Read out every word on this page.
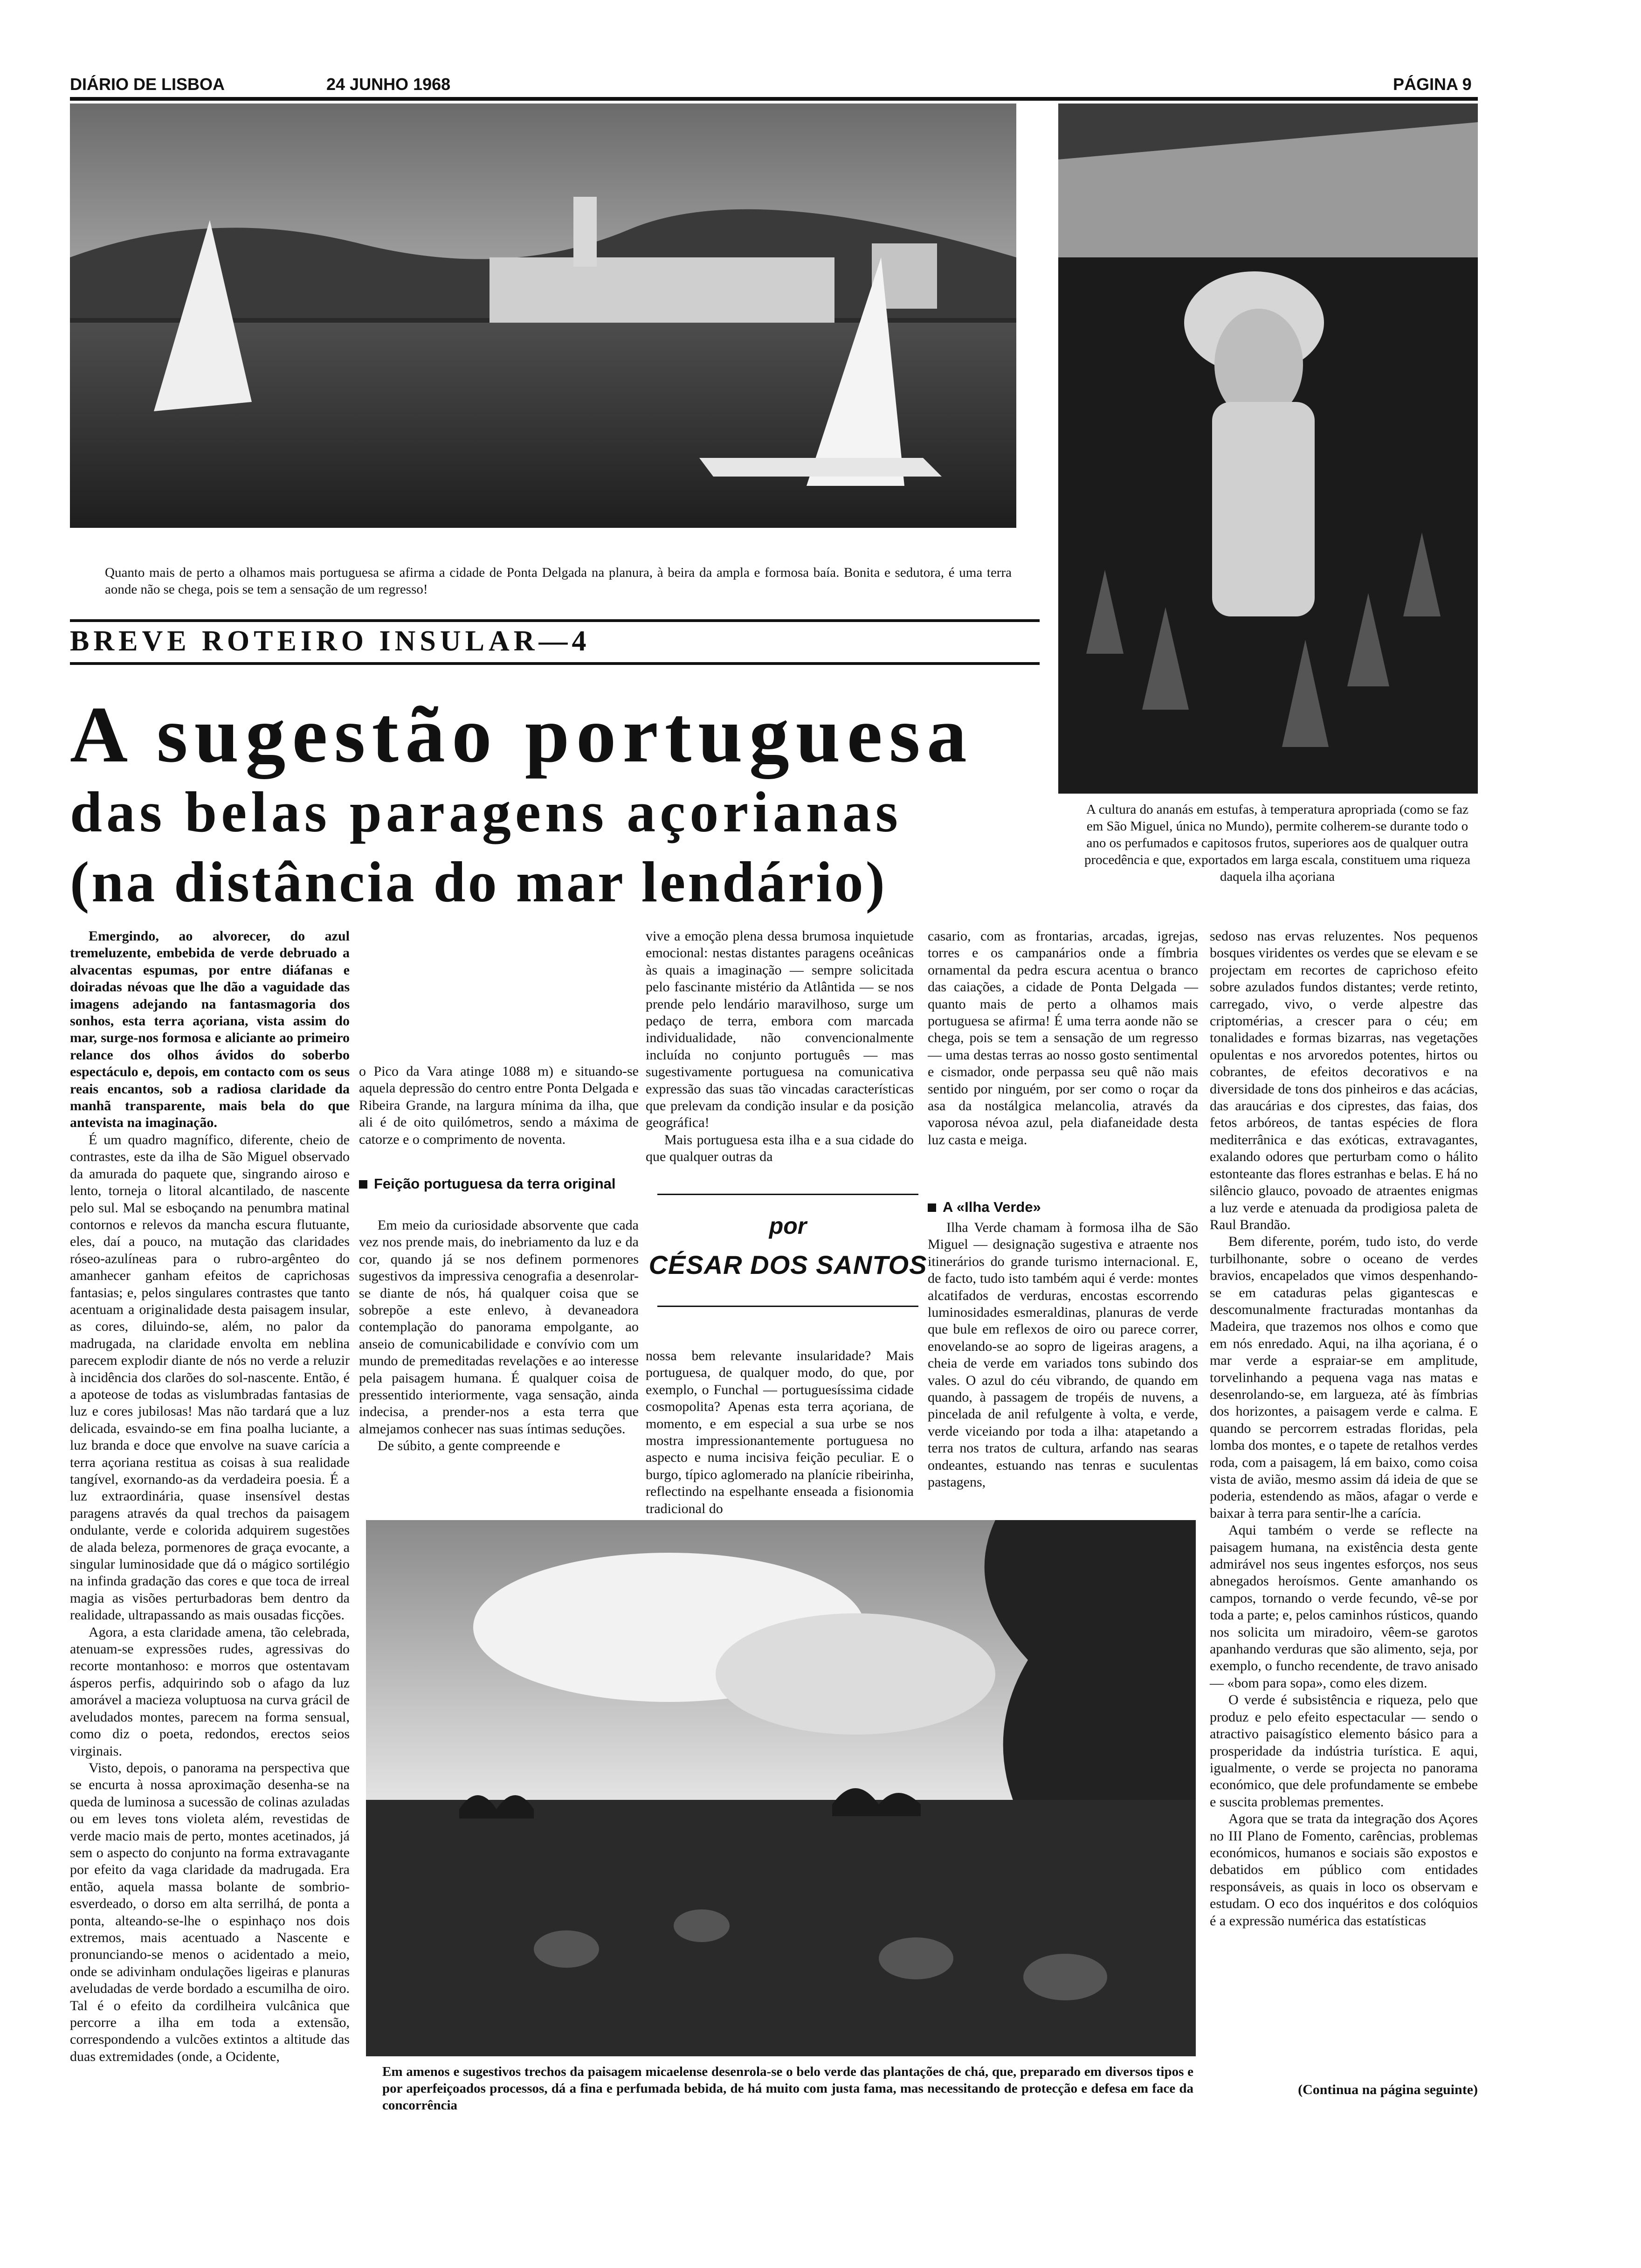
DIÁRIO DE LISBOA	24 JUNHO 1968	PÁGINA 9
Quanto mais de perto a olhamos mais portuguesa se afirma a cidade de Ponta Delgada na planura, à beira da ampla e formosa baía. Bonita e sedutora, é uma terra aonde não se chega, pois se tem a sensação de um regresso!
A cultura do ananás em estufas, à temperatura apropriada (como se faz em São Miguel, única no Mundo), permite colherem-se durante todo o ano os perfumados e capitosos frutos, superiores aos de qualquer outra procedência e que, exportados em larga escala, constituem uma riqueza daquela ilha açoriana
BREVE ROTEIRO INSULAR—4
A sugestão portuguesa
das belas paragens açorianas
(na distância do mar lendário)

Emergindo, ao alvorecer, do azul tremeluzente, embebida de verde debruado a alvacentas espumas, por entre diáfanas e doiradas névoas que lhe dão a vaguidade das imagens adejando na fantasmagoria dos sonhos, esta terra açoriana, vista assim do mar, surge-nos formosa e aliciante ao primeiro relance dos olhos ávidos do soberbo espectáculo e, depois, em contacto com os seus reais encantos, sob a radiosa claridade da manhã transparente, mais bela do que antevista na imaginação.

É um quadro magnífico, diferente, cheio de contrastes, este da ilha de São Miguel observado da amurada do paquete que, singrando airoso e lento, torneja o litoral alcantilado, de nascente pelo sul. Mal se esboçando na penumbra matinal contornos e relevos da mancha escura flutuante, eles, daí a pouco, na mutação das claridades róseo-azulíneas para o rubro-argênteo do amanhecer ganham efeitos de caprichosas fantasias; e, pelos singulares contrastes que tanto acentuam a originalidade desta paisagem insular, as cores, diluindo-se, além, no palor da madrugada, na claridade envolta em neblina parecem explodir diante de nós no verde a reluzir à incidência dos clarões do sol-nascente. Então, é a apoteose de todas as vislumbradas fantasias de luz e cores jubilosas! Mas não tardará que a luz delicada, esvaindo-se em fina poalha luciante, a luz branda e doce que envolve na suave carícia a terra açoriana restitua as coisas à sua realidade tangível, exornando-as da verdadeira poesia. É a luz extraordinária, quase insensível destas paragens através da qual trechos da paisagem ondulante, verde e colorida adquirem sugestões de alada beleza, pormenores de graça evocante, a singular luminosidade que dá o mágico sortilégio na infinda gradação das cores e que toca de irreal magia as visões perturbadoras bem dentro da realidade, ultrapassando as mais ousadas ficções.

Agora, a esta claridade amena, tão celebrada, atenuam-se expressões rudes, agressivas do recorte montanhoso: e morros que ostentavam ásperos perfis, adquirindo sob o afago da luz amorável a macieza voluptuosa na curva grácil de aveludados montes, parecem na forma sensual, como diz o poeta, redondos, erectos seios virginais.

Visto, depois, o panorama na perspectiva que se encurta à nossa aproximação desenha-se na queda de luminosa a sucessão de colinas azuladas ou em leves tons violeta além, revestidas de verde macio mais de perto, montes acetinados, já sem o aspecto do conjunto na forma extravagante por efeito da vaga claridade da madrugada. Era então, aquela massa bolante de sombrio-esverdeado, o dorso em alta serrilhá, de ponta a ponta, alteando-se-lhe o espinhaço nos dois extremos, mais acentuado a Nascente e pronunciando-se menos o acidentado a meio, onde se adivinham ondulações ligeiras e planuras aveludadas de verde bordado a escumilha de oiro. Tal é o efeito da cordilheira vulcânica que percorre a ilha em toda a extensão, correspondendo a vulcões extintos a altitude das duas extremidades (onde, a Ocidente,

o Pico da Vara atinge 1088 m) e situando-se aquela depressão do centro entre Ponta Delgada e Ribeira Grande, na largura mínima da ilha, que ali é de oito quilómetros, sendo a máxima de catorze e o comprimento de noventa.

Feição portuguesa da terra original

Em meio da curiosidade absorvente que cada vez nos prende mais, do inebriamento da luz e da cor, quando já se nos definem pormenores sugestivos da impressiva cenografia a desenrolar-se diante de nós, há qualquer coisa que se sobrepõe a este enlevo, à devaneadora contemplação do panorama empolgante, ao anseio de comunicabilidade e convívio com um mundo de premeditadas revelações e ao interesse pela paisagem humana. É qualquer coisa de pressentido interiormente, vaga sensação, ainda indecisa, a prender-nos a esta terra que almejamos conhecer nas suas íntimas seduções.

De súbito, a gente compreende e

vive a emoção plena dessa brumosa inquietude emocional: nestas distantes paragens oceânicas às quais a imaginação — sempre solicitada pelo fascinante mistério da Atlântida — se nos prende pelo lendário maravilhoso, surge um pedaço de terra, embora com marcada individualidade, não convencionalmente incluída no conjunto português — mas sugestivamente portuguesa na comunicativa expressão das suas tão vincadas características que prelevam da condição insular e da posição geográfica!

Mais portuguesa esta ilha e a sua cidade do que qualquer outras da

por
CÉSAR DOS SANTOS

nossa bem relevante insularidade? Mais portuguesa, de qualquer modo, do que, por exemplo, o Funchal — portuguesíssima cidade cosmopolita? Apenas esta terra açoriana, de momento, e em especial a sua urbe se nos mostra impressionantemente portuguesa no aspecto e numa incisiva feição peculiar. E o burgo, típico aglomerado na planície ribeirinha, reflectindo na espelhante enseada a fisionomia tradicional do

casario, com as frontarias, arcadas, igrejas, torres e os campanários onde a fímbria ornamental da pedra escura acentua o branco das caiações, a cidade de Ponta Delgada — quanto mais de perto a olhamos mais portuguesa se afirma! É uma terra aonde não se chega, pois se tem a sensação de um regresso — uma destas terras ao nosso gosto sentimental e cismador, onde perpassa seu quê não mais sentido por ninguém, por ser como o roçar da asa da nostálgica melancolia, através da vaporosa névoa azul, pela diafaneidade desta luz casta e meiga.

A «Ilha Verde»

Ilha Verde chamam à formosa ilha de São Miguel — designação sugestiva e atraente nos itinerários do grande turismo internacional. E, de facto, tudo isto também aqui é verde: montes alcatifados de verduras, encostas escorrendo luminosidades esmeraldinas, planuras de verde que bule em reflexos de oiro ou parece correr, enovelando-se ao sopro de ligeiras aragens, a cheia de verde em variados tons subindo dos vales. O azul do céu vibrando, de quando em quando, à passagem de tropéis de nuvens, a pincelada de anil refulgente à volta, e verde, verde viceiando por toda a ilha: atapetando a terra nos tratos de cultura, arfando nas searas ondeantes, estuando nas tenras e suculentas pastagens,

sedoso nas ervas reluzentes. Nos pequenos bosques viridentes os verdes que se elevam e se projectam em recortes de caprichoso efeito sobre azulados fundos distantes; verde retinto, carregado, vivo, o verde alpestre das criptomérias, a crescer para o céu; em tonalidades e formas bizarras, nas vegetações opulentas e nos arvoredos potentes, hirtos ou cobrantes, de efeitos decorativos e na diversidade de tons dos pinheiros e das acácias, das araucárias e dos ciprestes, das faias, dos fetos arbóreos, de tantas espécies de flora mediterrânica e das exóticas, extravagantes, exalando odores que perturbam como o hálito estonteante das flores estranhas e belas. E há no silêncio glauco, povoado de atraentes enigmas a luz verde e atenuada da prodigiosa paleta de Raul Brandão.

Bem diferente, porém, tudo isto, do verde turbilhonante, sobre o oceano de verdes bravios, encapelados que vimos despenhando-se em cataduras pelas gigantescas e descomunalmente fracturadas montanhas da Madeira, que trazemos nos olhos e como que em nós enredado. Aqui, na ilha açoriana, é o mar verde a espraiar-se em amplitude, torvelinhando a pequena vaga nas matas e desenrolando-se, em largueza, até às fímbrias dos horizontes, a paisagem verde e calma. E quando se percorrem estradas floridas, pela lomba dos montes, e o tapete de retalhos verdes roda, com a paisagem, lá em baixo, como coisa vista de avião, mesmo assim dá ideia de que se poderia, estendendo as mãos, afagar o verde e baixar à terra para sentir-lhe a carícia.

Aqui também o verde se reflecte na paisagem humana, na existência desta gente admirável nos seus ingentes esforços, nos seus abnegados heroísmos. Gente amanhando os campos, tornando o verde fecundo, vê-se por toda a parte; e, pelos caminhos rústicos, quando nos solicita um miradoiro, vêem-se garotos apanhando verduras que são alimento, seja, por exemplo, o funcho recendente, de travo anisado — «bom para sopa», como eles dizem.

O verde é subsistência e riqueza, pelo que produz e pelo efeito espectacular — sendo o atractivo paisagístico elemento básico para a prosperidade da indústria turística. E aqui, igualmente, o verde se projecta no panorama económico, que dele profundamente se embebe e suscita problemas prementes.

Agora que se trata da integração dos Açores no III Plano de Fomento, carências, problemas económicos, humanos e sociais são expostos e debatidos em público com entidades responsáveis, as quais in loco os observam e estudam. O eco dos inquéritos e dos colóquios é a expressão numérica das estatísticas

(Continua na página seguinte)
Em amenos e sugestivos trechos da paisagem micaelense desenrola-se o belo verde das plantações de chá, que, preparado em diversos tipos e por aperfeiçoados processos, dá a fina e perfumada bebida, de há muito com justa fama, mas necessitando de protecção e defesa em face da concorrência
